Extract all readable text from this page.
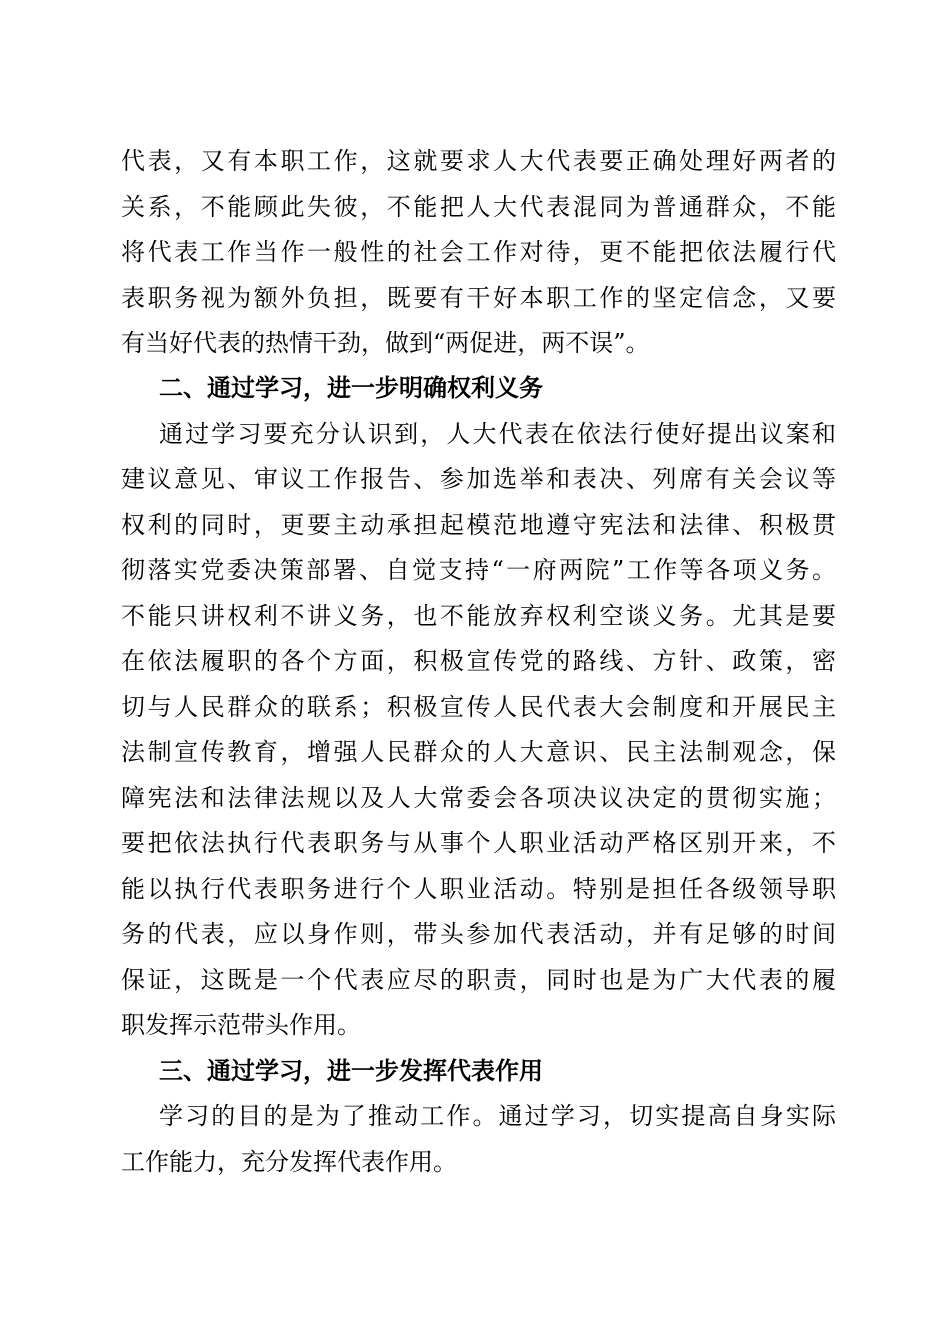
代表，又有本职工作，这就要求人大代表要正确处理好两者的
关系，不能顾此失彼，不能把人大代表混同为普通群众，不能
将代表工作当作一般性的社会工作对待，更不能把依法履行代
表职务视为额外负担，既要有干好本职工作的坚定信念，又要
有当好代表的热情干劲，做到“两促进，两不误”。
二、通过学习，进一步明确权利义务
通过学习要充分认识到，人大代表在依法行使好提出议案和
建议意见、审议工作报告、参加选举和表决、列席有关会议等
权利的同时，更要主动承担起模范地遵守宪法和法律、积极贯
彻落实党委决策部署、自觉支持“一府两院”工作等各项义务。
不能只讲权利不讲义务，也不能放弃权利空谈义务。尤其是要
在依法履职的各个方面，积极宣传党的路线、方针、政策，密
切与人民群众的联系；积极宣传人民代表大会制度和开展民主
法制宣传教育，增强人民群众的人大意识、民主法制观念，保
障宪法和法律法规以及人大常委会各项决议决定的贯彻实施；
要把依法执行代表职务与从事个人职业活动严格区别开来，不
能以执行代表职务进行个人职业活动。特别是担任各级领导职
务的代表，应以身作则，带头参加代表活动，并有足够的时间
保证，这既是一个代表应尽的职责，同时也是为广大代表的履
职发挥示范带头作用。
三、通过学习，进一步发挥代表作用
学习的目的是为了推动工作。通过学习，切实提高自身实际
工作能力，充分发挥代表作用。
